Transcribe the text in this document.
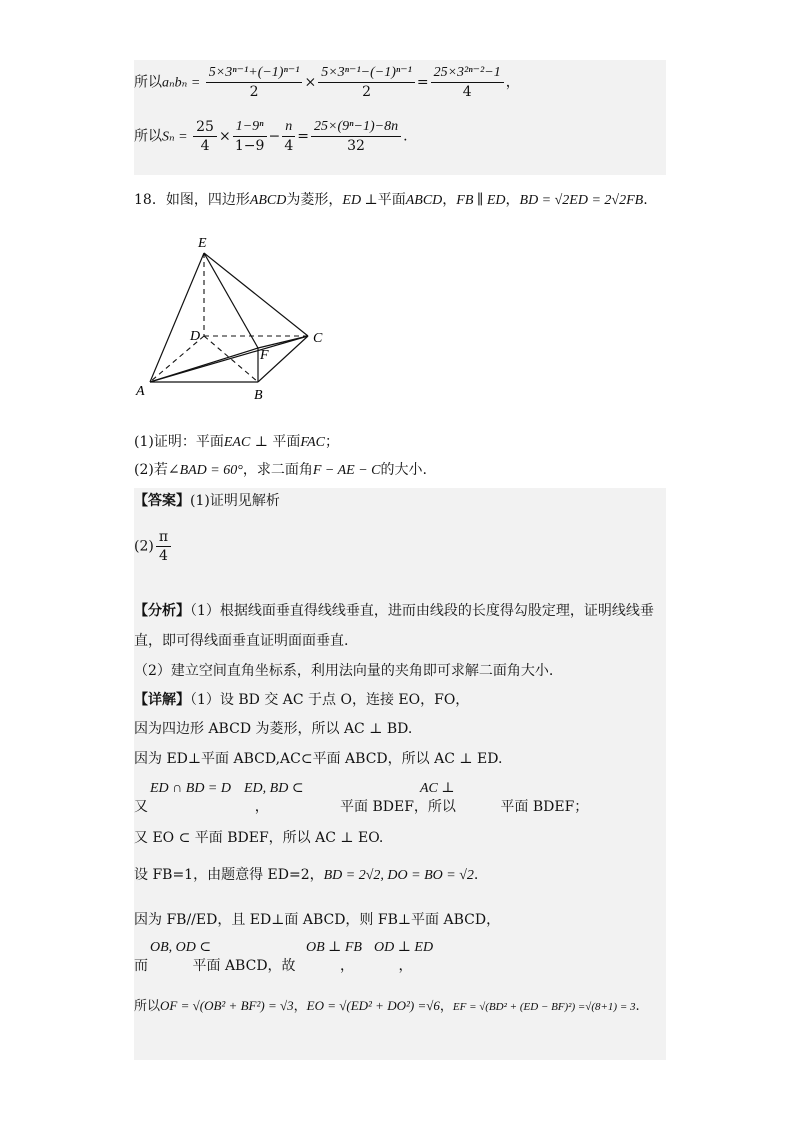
所以$a_nb_n = \frac{\text{5×3ⁿ⁻¹+(−1)ⁿ⁻¹}}{2} \times \frac{\text{5×3ⁿ⁻¹−(−1)ⁿ⁻¹}}{2} = \frac{\text{25×3²ⁿ⁻²−1}}{4}$ ，
所以$S_n = \frac{25}{4} \times \frac{\text{1−9ⁿ}}{1-9} - \frac{n}{4} = \frac{\text{25×(9ⁿ−1)−8n}}{32}$ .
18．如图，四边形ABCD为菱形，ED ⊥平面ABCD，FB ∥ ED，BD = √2ED = 2√2FB.
E
D	C
F
A	B
(1)证明：平面EAC ⊥ 平面FAC；
(2)若∠BAD = 60°，求二面角F − AE − C的大小.
【答案】(1)证明见解析
$(2) \frac{\pi}{4}$
【分析】（1）根据线面垂直得线线垂直，进而由线段的长度得勾股定理，证明线线垂
直，即可得线面垂直证明面面垂直.
（2）建立空间直角坐标系，利用法向量的夹角即可求解二面角大小.
【详解】（1）设 BD 交 AC 于点 O，连接 EO，FO，
因为四边形 ABCD 为菱形，所以 AC ⊥ BD.
因为 ED⊥平面 ABCD,AC⊂平面 ABCD，所以 AC ⊥ ED.
ED ∩ BD = D ED, BD ⊂	AC ⊥
又                        ，                平面 BDEF，所以          平面 BDEF；
又 EO ⊂ 平面 BDEF，所以 AC ⊥ EO.
设 FB=1，由题意得 ED=2，BD = 2√2, DO = BO = √2.
因为 FB//ED，且 ED⊥面 ABCD，则 FB⊥平面 ABCD，
OB, OD ⊂	OB ⊥ FB OD ⊥ ED
而          平面 ABCD，故          ，          ，
所以OF = √(OB² + BF²) = √3，EO = √(ED² + DO²) =√6，EF = √(BD² + (ED − BF)²) =√(8+1) = 3.
